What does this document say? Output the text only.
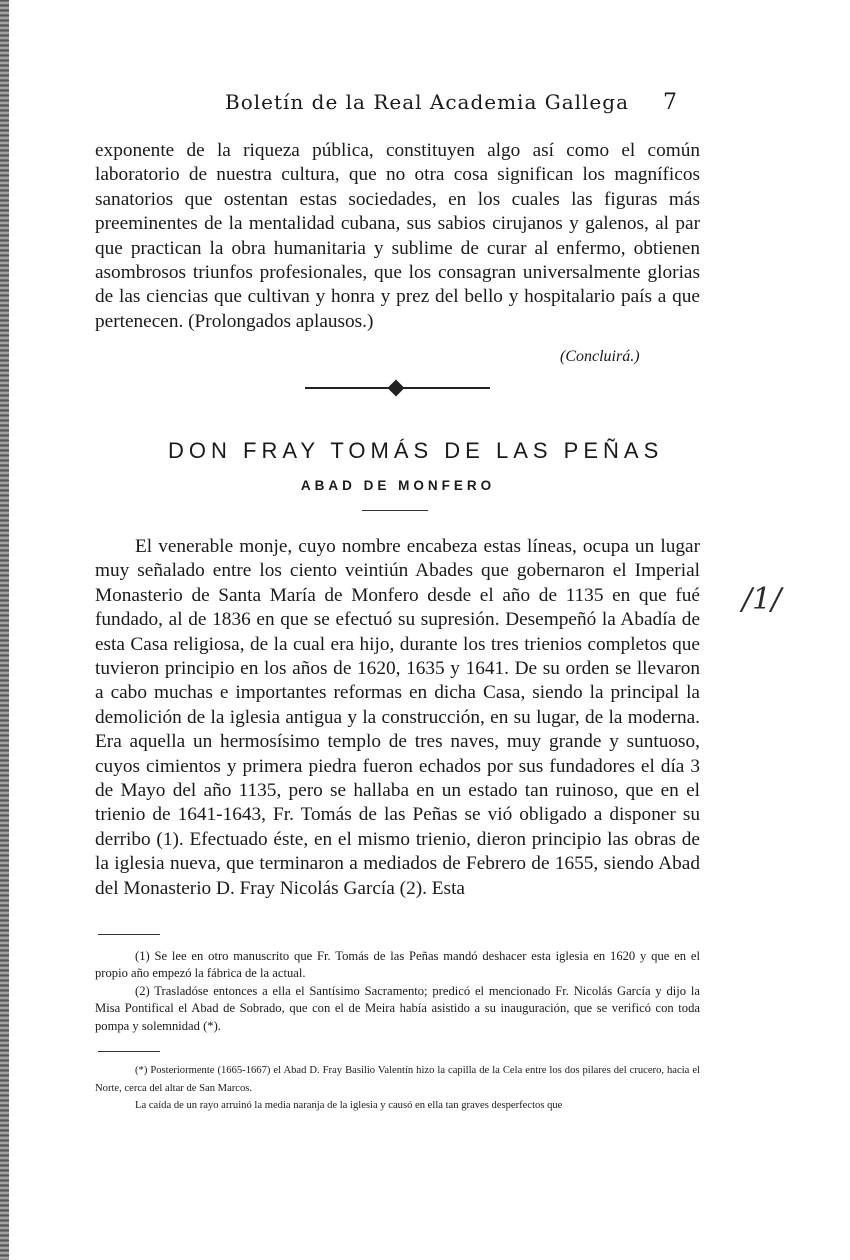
Boletín de la Real Academia Gallega 7

exponente de la riqueza pública, constituyen algo así como el común laboratorio de nuestra cultura, que no otra cosa significan los magníficos sanatorios que ostentan estas sociedades, en los cuales las figuras más preeminentes de la mentalidad cubana, sus sabios cirujanos y galenos, al par que practican la obra humanitaria y sublime de curar al enfermo, obtienen asombrosos triunfos profesionales, que los consagran universalmente glorias de las ciencias que cultivan y honra y prez del bello y hospitalario país a que pertenecen. (Prolongados aplausos.)

(Concluirá.)
DON FRAY TOMÁS DE LAS PEÑAS
ABAD DE MONFERO

El venerable monje, cuyo nombre encabeza estas líneas, ocupa un lugar muy señalado entre los ciento veintiún Abades que gobernaron el Imperial Monasterio de Santa María de Monfero desde el año de 1135 en que fué fundado, al de 1836 en que se efectuó su supresión. Desempeñó la Abadía de esta Casa religiosa, de la cual era hijo, durante los tres trienios completos que tuvieron principio en los años de 1620, 1635 y 1641. De su orden se llevaron a cabo muchas e importantes reformas en dicha Casa, siendo la principal la demolición de la iglesia antigua y la construcción, en su lugar, de la moderna. Era aquella un hermosísimo templo de tres naves, muy grande y suntuoso, cuyos cimientos y primera piedra fueron echados por sus fundadores el día 3 de Mayo del año 1135, pero se hallaba en un estado tan ruinoso, que en el trienio de 1641-1643, Fr. Tomás de las Peñas se vió obligado a disponer su derribo (1). Efectuado éste, en el mismo trienio, dieron principio las obras de la iglesia nueva, que terminaron a mediados de Febrero de 1655, siendo Abad del Monasterio D. Fray Nicolás García (2). Esta

/1/

(1) Se lee en otro manuscrito que Fr. Tomás de las Peñas mandó deshacer esta iglesia en 1620 y que en el propio año empezó la fábrica de la actual.

(2) Trasladóse entonces a ella el Santísimo Sacramento; predicó el mencionado Fr. Nicolás García y dijo la Misa Pontifical el Abad de Sobrado, que con el de Meira había asistido a su inauguración, que se verificó con toda pompa y solemnidad (*).

(*) Posteriormente (1665-1667) el Abad D. Fray Basilio Valentín hizo la capilla de la Cela entre los dos pilares del crucero, hacia el Norte, cerca del altar de San Marcos.

La caída de un rayo arruinó la media naranja de la iglesia y causó en ella tan graves desperfectos que
